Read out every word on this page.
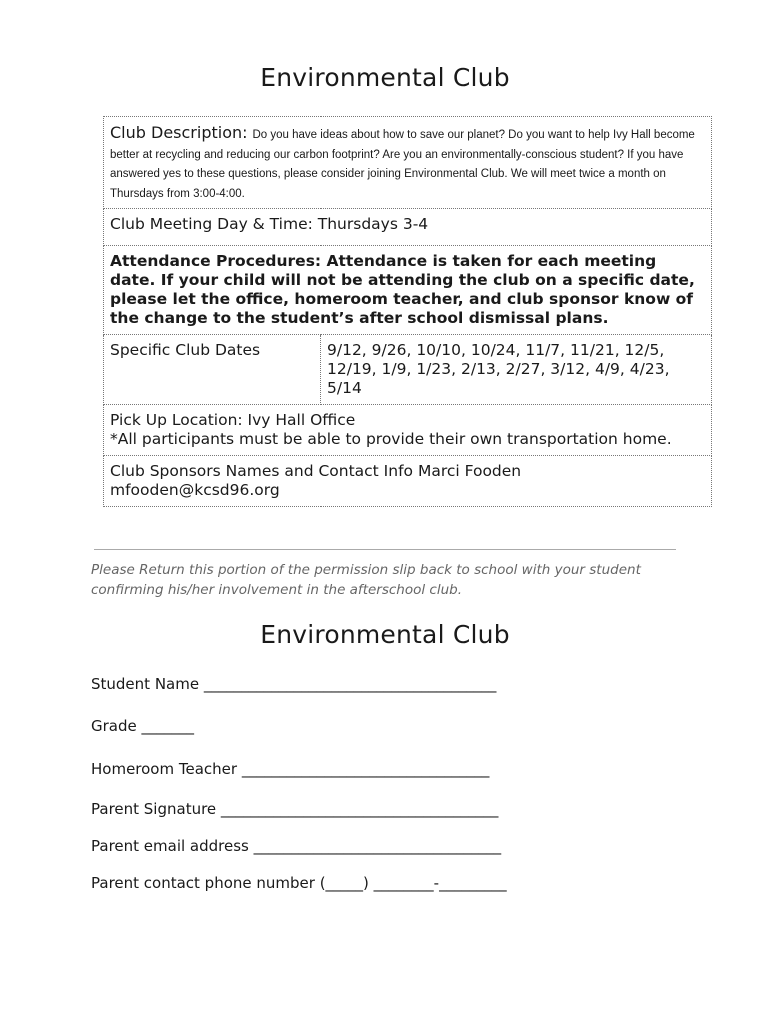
Environmental Club
Club Description: Do you have ideas about how to save our planet? Do you want to help Ivy Hall become better at recycling and reducing our carbon footprint? Are you an environmentally-conscious student? If you have answered yes to these questions, please consider joining Environmental Club. We will meet twice a month on Thursdays from 3:00-4:00.
Club Meeting Day & Time: Thursdays 3-4
Attendance Procedures: Attendance is taken for each meeting date. If your child will not be attending the club on a specific date, please let the office, homeroom teacher, and club sponsor know of the change to the student’s after school dismissal plans.
Specific Club Dates	9/12, 9/26, 10/10, 10/24, 11/7, 11/21, 12/5, 12/19, 1/9, 1/23, 2/13, 2/27, 3/12, 4/9, 4/23, 5/14

Pick Up Location: Ivy Hall Office
*All participants must be able to provide their own transportation home.

Club Sponsors Names and Contact Info Marci Fooden
mfooden@kcsd96.org
Please Return this portion of the permission slip back to school with your student confirming his/her involvement in the afterschool club.
Environmental Club
Student Name _______________________________________
Grade _______
Homeroom Teacher _________________________________
Parent Signature _____________________________________
Parent email address _________________________________
Parent contact phone number (_____) ________-_________
